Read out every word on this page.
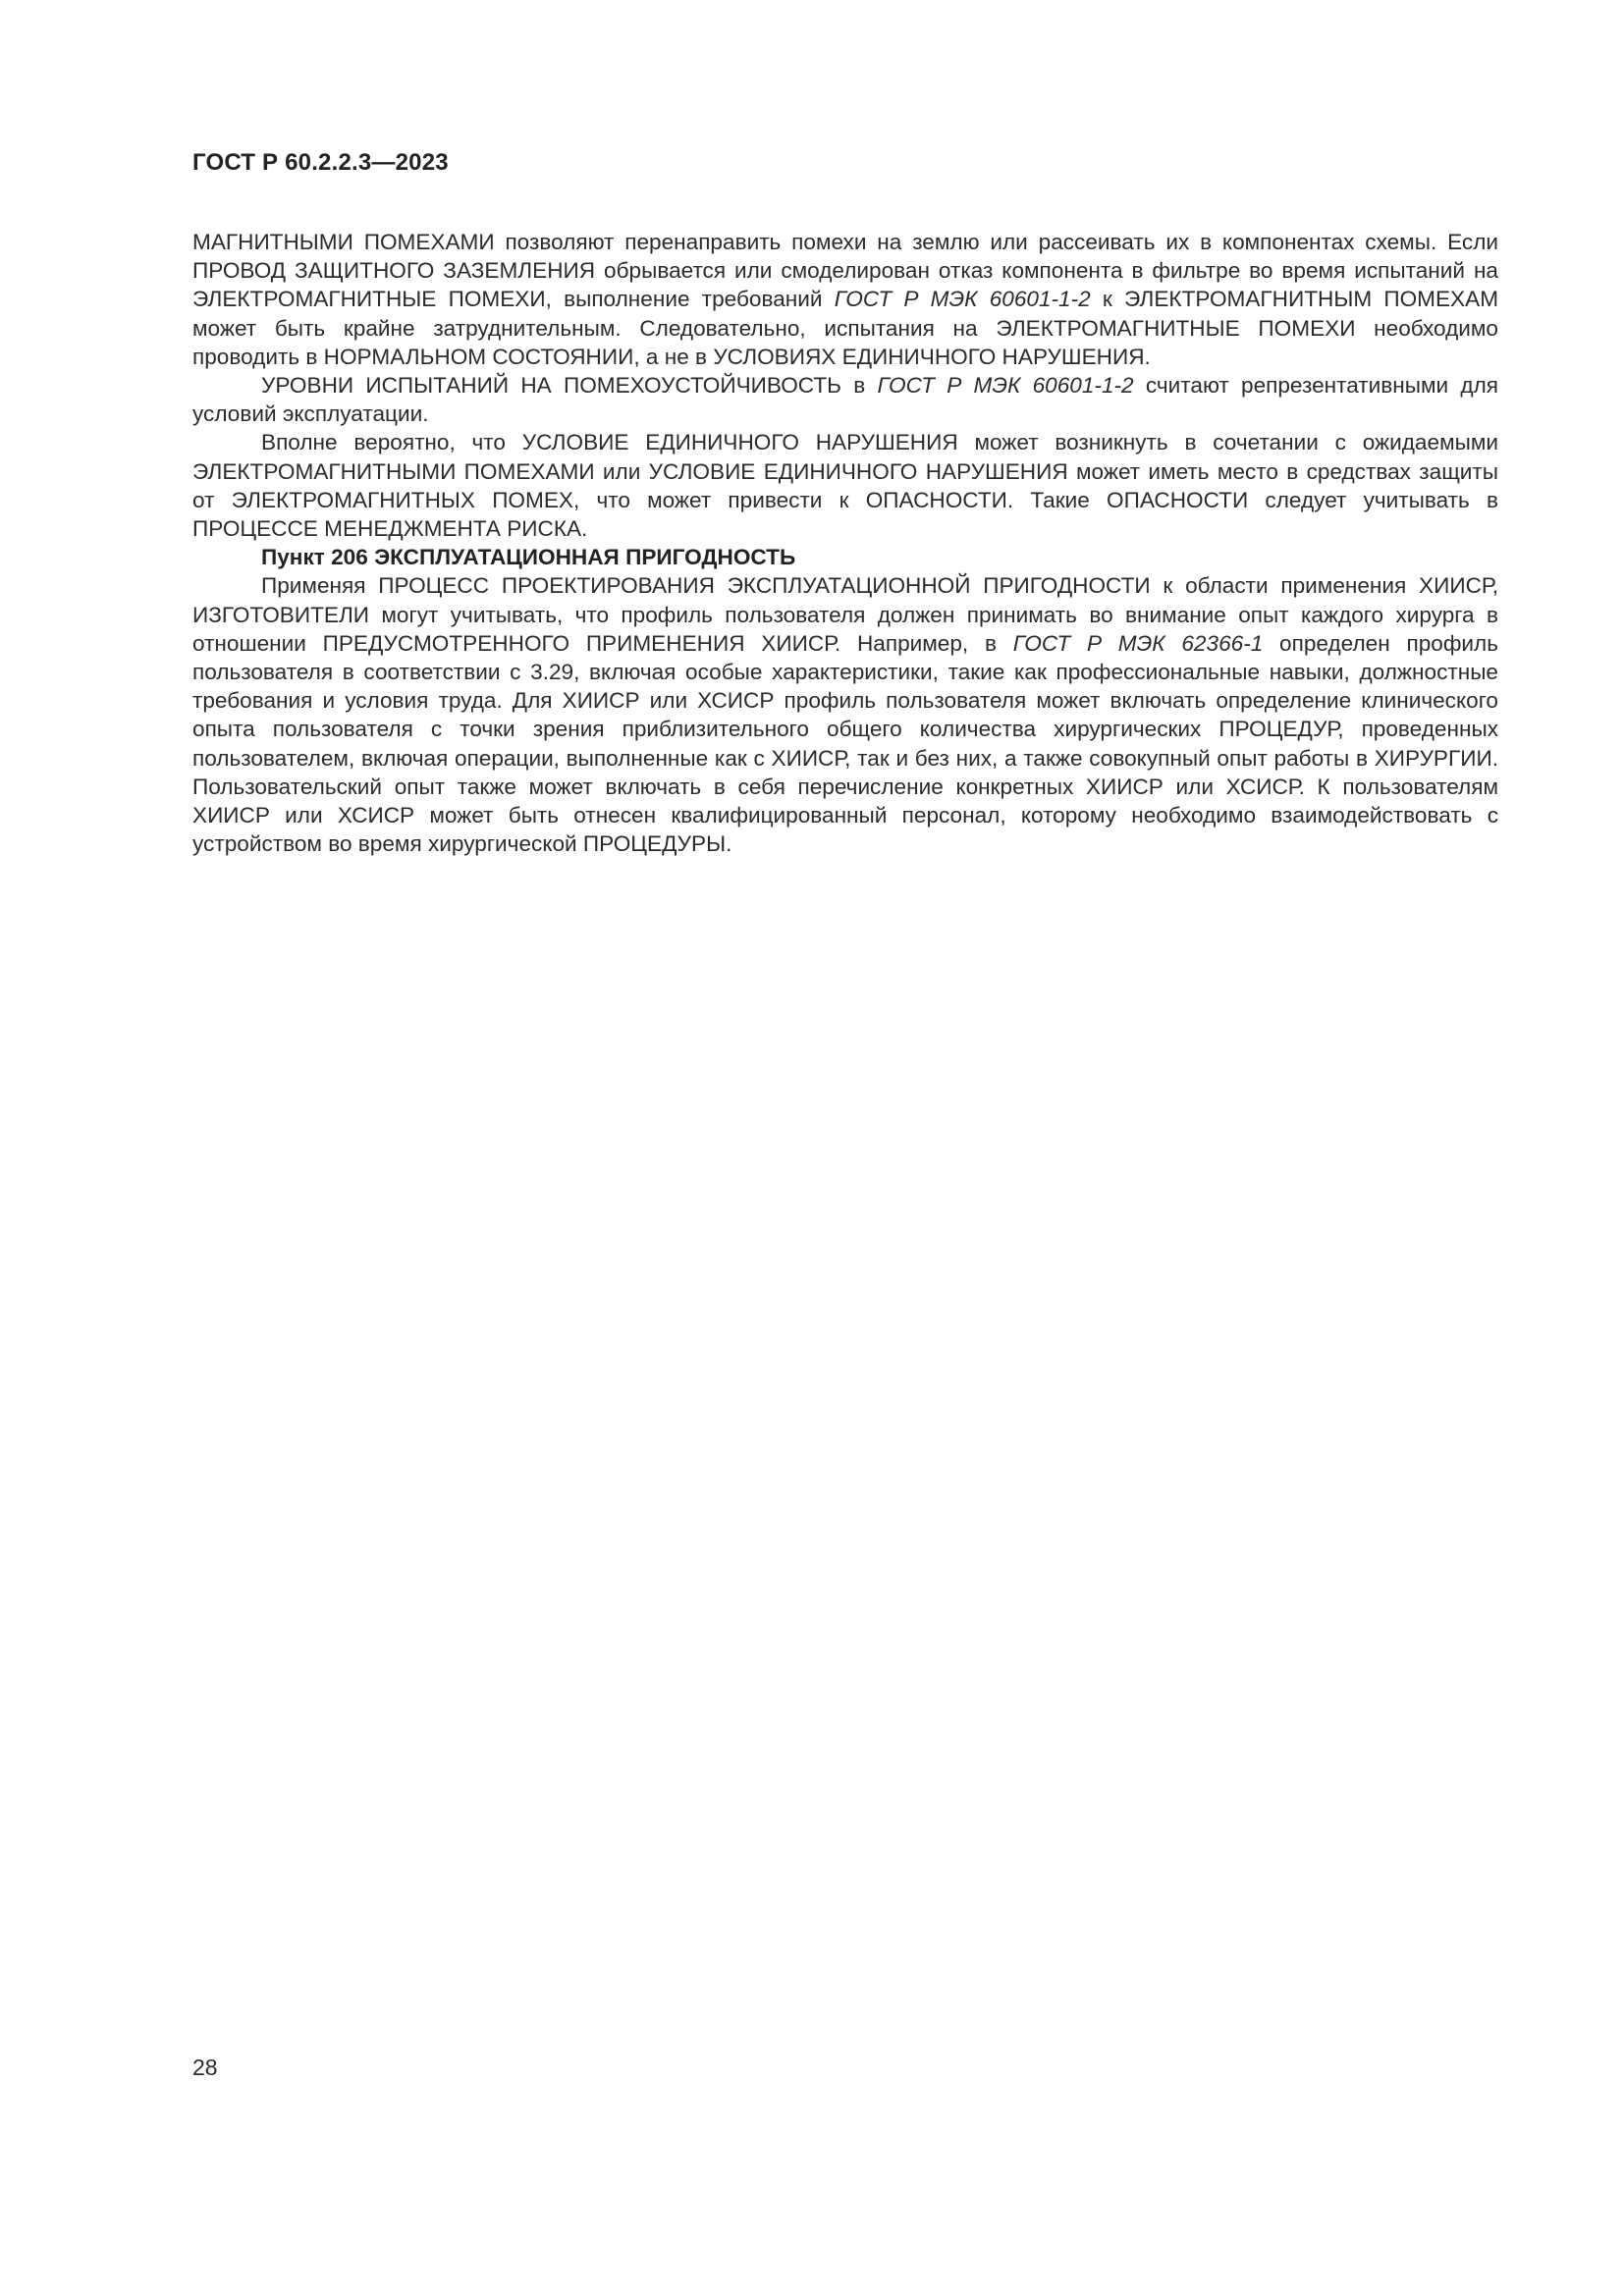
ГОСТ Р 60.2.2.3—2023

МАГНИТНЫМИ ПОМЕХАМИ позволяют перенаправить помехи на землю или рассеивать их в компонентах схемы. Если ПРОВОД ЗАЩИТНОГО ЗАЗЕМЛЕНИЯ обрывается или смоделирован отказ компонента в фильтре во время испытаний на ЭЛЕКТРОМАГНИТНЫЕ ПОМЕХИ, выполнение требований ГОСТ Р МЭК 60601-1-2 к ЭЛЕКТРОМАГНИТНЫМ ПОМЕХАМ может быть крайне затруднительным. Следовательно, испытания на ЭЛЕКТРОМАГНИТНЫЕ ПОМЕХИ необходимо проводить в НОРМАЛЬНОМ СОСТОЯНИИ, а не в УСЛОВИЯХ ЕДИНИЧНОГО НАРУШЕНИЯ.

УРОВНИ ИСПЫТАНИЙ НА ПОМЕХОУСТОЙЧИВОСТЬ в ГОСТ Р МЭК 60601-1-2 считают репрезентативными для условий эксплуатации.

Вполне вероятно, что УСЛОВИЕ ЕДИНИЧНОГО НАРУШЕНИЯ может возникнуть в сочетании с ожидаемыми ЭЛЕКТРОМАГНИТНЫМИ ПОМЕХАМИ или УСЛОВИЕ ЕДИНИЧНОГО НАРУШЕНИЯ может иметь место в средствах защиты от ЭЛЕКТРОМАГНИТНЫХ ПОМЕХ, что может привести к ОПАСНОСТИ. Такие ОПАСНОСТИ следует учитывать в ПРОЦЕССЕ МЕНЕДЖМЕНТА РИСКА.

Пункт 206 ЭКСПЛУАТАЦИОННАЯ ПРИГОДНОСТЬ

Применяя ПРОЦЕСС ПРОЕКТИРОВАНИЯ ЭКСПЛУАТАЦИОННОЙ ПРИГОДНОСТИ к области применения ХИИСР, ИЗГОТОВИТЕЛИ могут учитывать, что профиль пользователя должен принимать во внимание опыт каждого хирурга в отношении ПРЕДУСМОТРЕННОГО ПРИМЕНЕНИЯ ХИИСР. Например, в ГОСТ Р МЭК 62366-1 определен профиль пользователя в соответствии с 3.29, включая особые характеристики, такие как профессиональные навыки, должностные требования и условия труда. Для ХИИСР или ХСИСР профиль пользователя может включать определение клинического опыта пользователя с точки зрения приблизительного общего количества хирургических ПРОЦЕДУР, проведенных пользователем, включая операции, выполненные как с ХИИСР, так и без них, а также совокупный опыт работы в ХИРУРГИИ. Пользовательский опыт также может включать в себя перечисление конкретных ХИИСР или ХСИСР. К пользователям ХИИСР или ХСИСР может быть отнесен квалифицированный персонал, которому необходимо взаимодействовать с устройством во время хирургической ПРОЦЕДУРЫ.

28
